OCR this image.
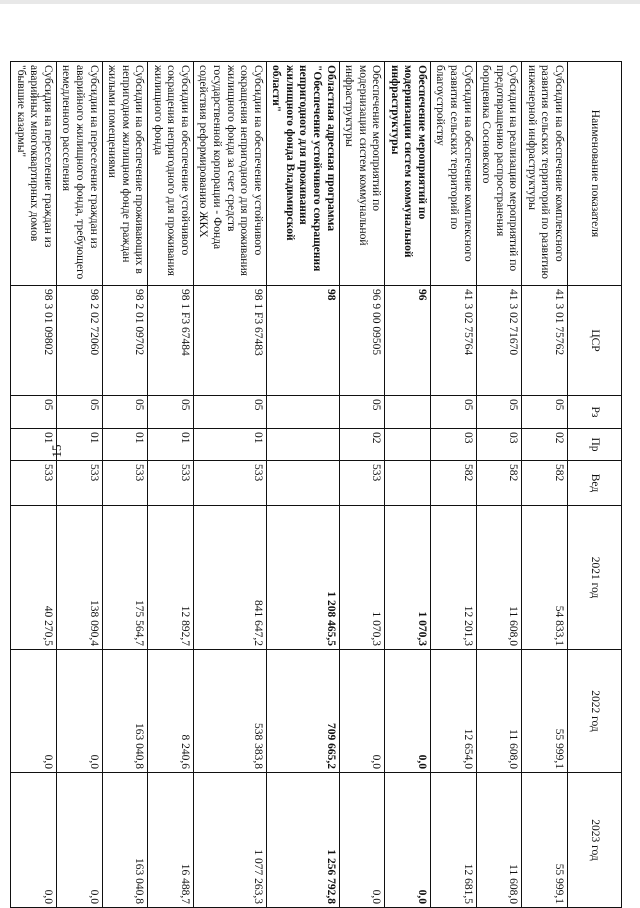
15
Наименование показателя	ЦСР	Рз	Пр	Вед	2021 год	2022 год	2023 год
Субсидии на обеспечение комплексного развития сельских территорий по развитию инженерной инфраструктуры	41 3 01 75762	05	02	582	54 833,1	55 999,1	55 999,1
Субсидии на реализацию мероприятий по предотвращению распространения борщевика Сосновского	41 3 02 71670	05	03	582	11 608,0	11 608,0	11 608,0
Субсидии на обеспечение комплексного развития сельских территорий по благоустройству	41 3 02 75764	05	03	582	12 201,3	12 654,0	12 681,5
Обеспечение мероприятий по модернизации систем коммунальной инфраструктуры	96				1 070,3	0,0	0,0
Обеспечение мероприятий по модернизации систем коммунальной инфраструктуры	96 9 00 09505	05	02	533	1 070,3	0,0	0,0
Областная адресная программа "Обеспечение устойчивого сокращения непригодного для проживания жилищного фонда Владимирской области"	98				1 208 465,5	709 665,2	1 256 792,8
Субсидии на обеспечение устойчивого сокращения непригодного для проживания жилищного фонда за счет средств государственной корпорации - Фонда содействия реформированию ЖКХ	98 1 F3 67483	05	01	533	841 647,2	538 383,8	1 077 263,3
Субсидии на обеспечение устойчивого сокращения непригодного для проживания жилищного фонда	98 1 F3 67484	05	01	533	12 892,7	8 240,6	16 488,7
Субсидии на обеспечение проживающих в непригодном жилищном фонде граждан жилыми помещениями	98 2 01 09702	05	01	533	175 564,7	163 040,8	163 040,8
Субсидии на переселение граждан из аварийного жилищного фонда, требующего немедленного расселения	98 2 02 72060	05	01	533	138 090,4	0,0	0,0
Субсидия на переселение граждан из аварийных многоквартирных домов "бывшие казармы"	98 3 01 09802	05	01	533	40 270,5	0,0	0,0
